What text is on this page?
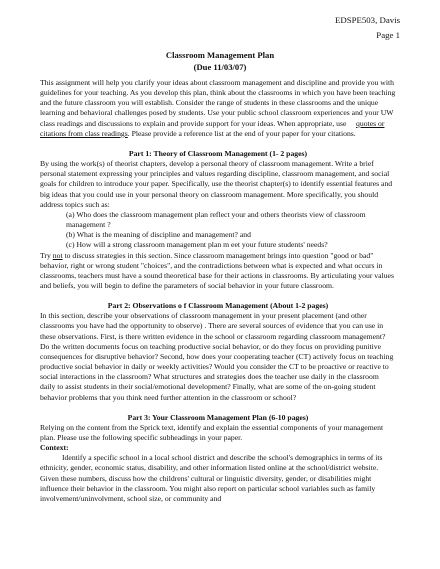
EDSPE503, Davis
Page 1
Classroom Management Plan
(Due 11/03/07)

This assignment will help you clarify your ideas about classroom management and discipline and provide you with guidelines for your teaching. As you develop this plan, think about the classrooms in which you have been teaching and the future classroom you will establish. Consider the range of students in these classrooms and the unique learning and behavioral challenges posed by students. Use your public school classroom experiences and your UW class readings and discussions to explain and provide support for your ideas. When appropriate, use quotes or citations from class readings. Please provide a reference list at the end of your paper for your citations.

Part 1: Theory of Classroom Management (1- 2 pages)

By using the work(s) of theorist chapters, develop a personal theory of classroom management. Write a brief personal statement expressing your principles and values regarding discipline, classroom management, and social goals for children to introduce your paper. Specifically, use the theorist chapter(s) to identify essential features and big ideas that you could use in your personal theory on classroom management. More specifically, you should address topics such as:

(a) Who does the classroom management plan reflect your and others theorists view of classroom management ?
(b) What is the meaning of discipline and management? and
(c) How will a strong classroom management plan m eet your future students' needs?

Try not to discuss strategies in this section. Since classroom management brings into question "good or bad" behavior, right or wrong student "choices", and the contradictions between what is expected and what occurs in classrooms, teachers must have a sound theoretical base for their actions in classrooms. By articulating your values and beliefs, you will begin to define the parameters of social behavior in your future classroom.

Part 2: Observations o f Classroom Management (About 1-2 pages)

In this section, describe your observations of classroom management in your present placement (and other classrooms you have had the opportunity to observe) . There are several sources of evidence that you can use in these observations. First, is there written evidence in the school or classroom regarding classroom management? Do the written documents focus on teaching productive social behavior, or do they focus on providing punitive consequences for disruptive behavior? Second, how does your cooperating teacher (CT) actively focus on teaching productive social behavior in daily or weekly activities? Would you consider the CT to be proactive or reactive to social interactions in the classroom? What structures and strategies does the teacher use daily in the classroom daily to assist students in their social/emotional development? Finally, what are some of the on-going student behavior problems that you think need further attention in the classroom or school?

Part 3: Your Classroom Management Plan (6-10 pages)

Relying on the content from the Sprick text, identify and explain the essential components of your management plan. Please use the following specific subheadings in your paper.

Context:

Identify a specific school in a local school district and describe the school's demographics in terms of its ethnicity, gender, economic status, disability, and other information listed online at the school/district website. Given these numbers, discuss how the childrens' cultural or linguistic diversity, gender, or disabilities might influence their behavior in the classroom. You might also report on particular school variables such as family involvement/uninvolvment, school size, or community and
